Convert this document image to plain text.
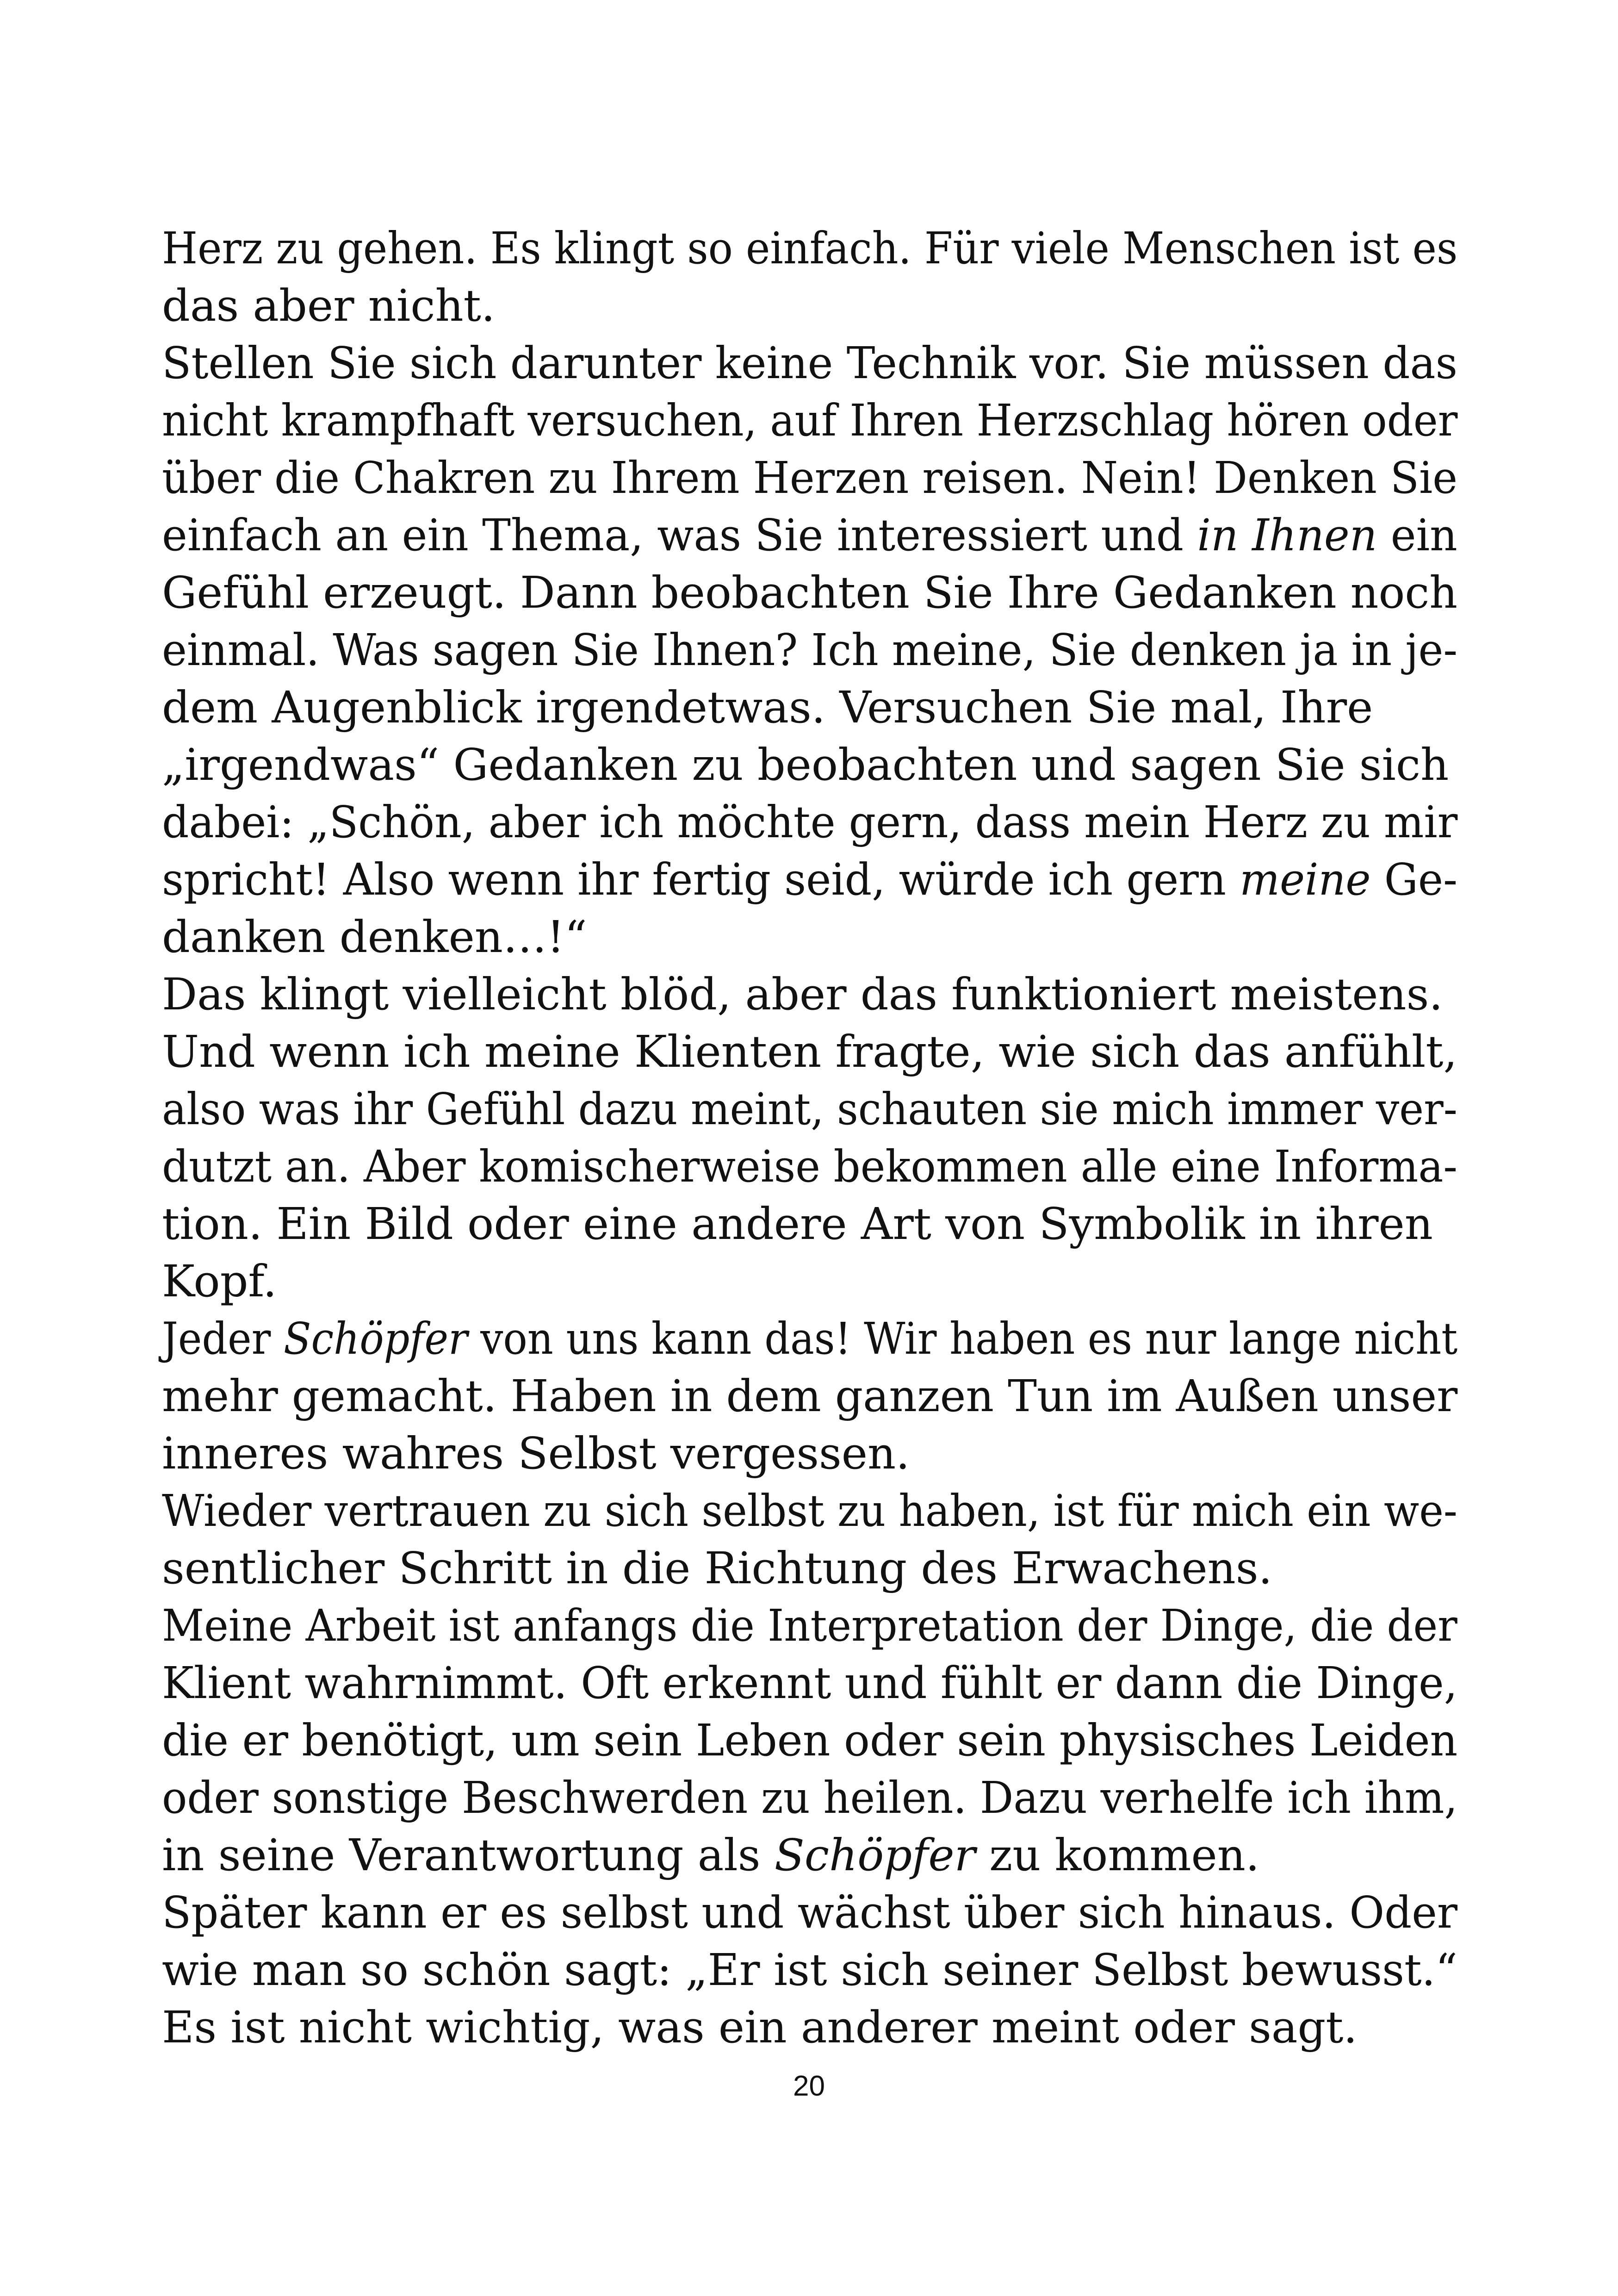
Herz zu gehen. Es klingt so einfach. Für viele Menschen ist es
das aber nicht.
Stellen Sie sich darunter keine Technik vor. Sie müssen das
nicht krampfhaft versuchen, auf Ihren Herzschlag hören oder
über die Chakren zu Ihrem Herzen reisen. Nein! Denken Sie
einfach an ein Thema, was Sie interessiert und in Ihnen ein
Gefühl erzeugt. Dann beobachten Sie Ihre Gedanken noch
einmal. Was sagen Sie Ihnen? Ich meine, Sie denken ja in je-
dem Augenblick irgendetwas. Versuchen Sie mal, Ihre
„irgendwas“ Gedanken zu beobachten und sagen Sie sich
dabei: „Schön, aber ich möchte gern, dass mein Herz zu mir
spricht! Also wenn ihr fertig seid, würde ich gern meine Ge-
danken denken…!“
Das klingt vielleicht blöd, aber das funktioniert meistens.
Und wenn ich meine Klienten fragte, wie sich das anfühlt,
also was ihr Gefühl dazu meint, schauten sie mich immer ver-
dutzt an. Aber komischerweise bekommen alle eine Informa-
tion. Ein Bild oder eine andere Art von Symbolik in ihren
Kopf.
Jeder Schöpfer von uns kann das! Wir haben es nur lange nicht
mehr gemacht. Haben in dem ganzen Tun im Außen unser
inneres wahres Selbst vergessen.
Wieder vertrauen zu sich selbst zu haben, ist für mich ein we-
sentlicher Schritt in die Richtung des Erwachens.
Meine Arbeit ist anfangs die Interpretation der Dinge, die der
Klient wahrnimmt. Oft erkennt und fühlt er dann die Dinge,
die er benötigt, um sein Leben oder sein physisches Leiden
oder sonstige Beschwerden zu heilen. Dazu verhelfe ich ihm,
in seine Verantwortung als Schöpfer zu kommen.
Später kann er es selbst und wächst über sich hinaus. Oder
wie man so schön sagt: „Er ist sich seiner Selbst bewusst.“
Es ist nicht wichtig, was ein anderer meint oder sagt.
20
